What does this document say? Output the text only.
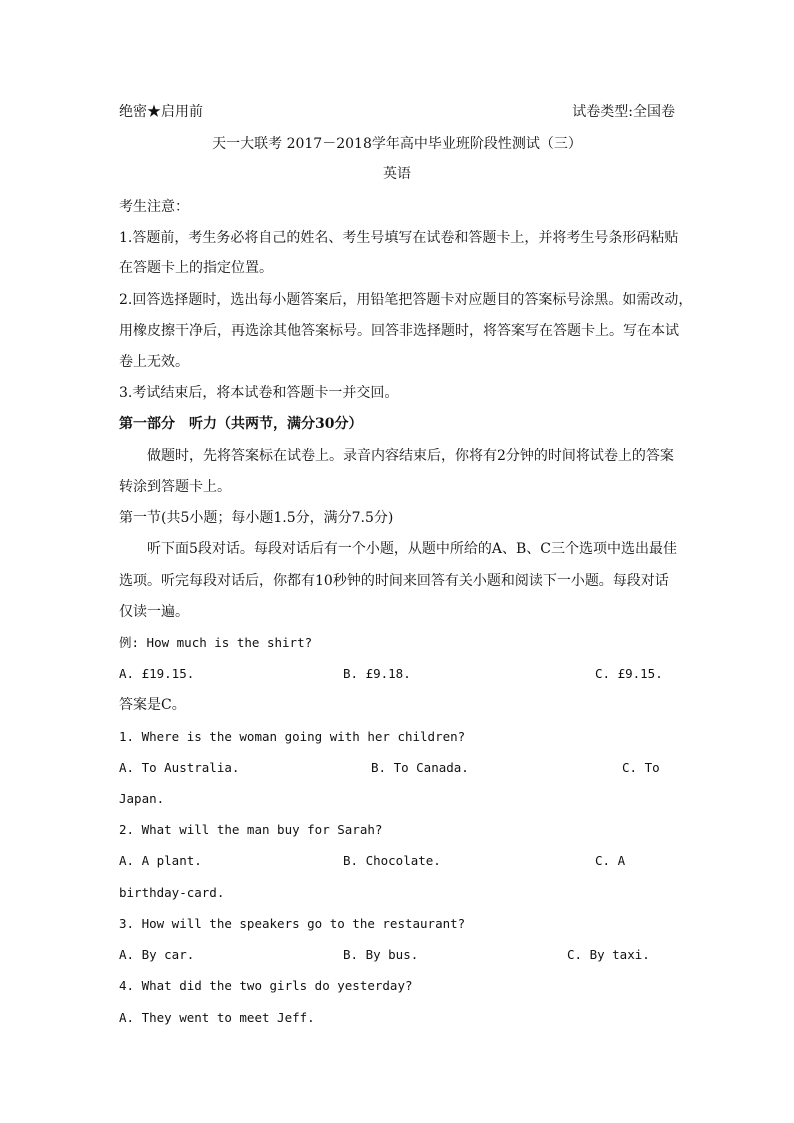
绝密★启用前	试卷类型:全国卷
天一大联考 2017－2018学年高中毕业班阶段性测试（三）
英语
考生注意：
1.答题前，考生务必将自己的姓名、考生号填写在试卷和答题卡上，并将考生号条形码粘贴
在答题卡上的指定位置。
2.回答选择题时，选出每小题答案后，用铅笔把答题卡对应题目的答案标号涂黑。如需改动，
用橡皮擦干净后，再选涂其他答案标号。回答非选择题时，将答案写在答题卡上。写在本试
卷上无效。
3.考试结束后，将本试卷和答题卡一并交回。
第一部分　听力（共两节，满分30分）
做题时，先将答案标在试卷上。录音内容结束后，你将有2分钟的时间将试卷上的答案
转涂到答题卡上。
第一节(共5小题；每小题1.5分，满分7.5分)
听下面5段对话。每段对话后有一个小题，从题中所给的A、B、C三个选项中选出最佳
选项。听完每段对话后，你都有10秒钟的时间来回答有关小题和阅读下一小题。每段对话
仅读一遍。
例: How much is the shirt?
A. £19.15.	B. £9.18.	C. £9.15.
答案是C。
1. Where is the woman going with her children?
A. To Australia.	B. To Canada.	C. To
Japan.
2. What will the man buy for Sarah?
A. A plant.	B. Chocolate.	C. A
birthday-card.
3. How will the speakers go to the restaurant?
A. By car.	B. By bus.	C. By taxi.
4. What did the two girls do yesterday?
A. They went to meet Jeff.
